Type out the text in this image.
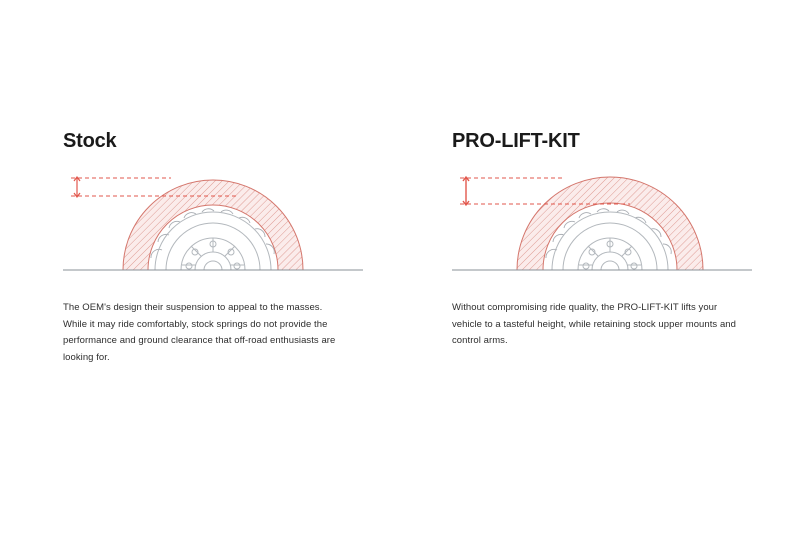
Stock

The OEM's design their suspension to appeal to the masses. While it may ride comfortably, stock springs do not provide the performance and ground clearance that off-road enthusiasts are looking for.

PRO-LIFT-KIT

Without compromising ride quality, the PRO-LIFT-KIT lifts your vehicle to a tasteful height, while retaining stock upper mounts and control arms.
